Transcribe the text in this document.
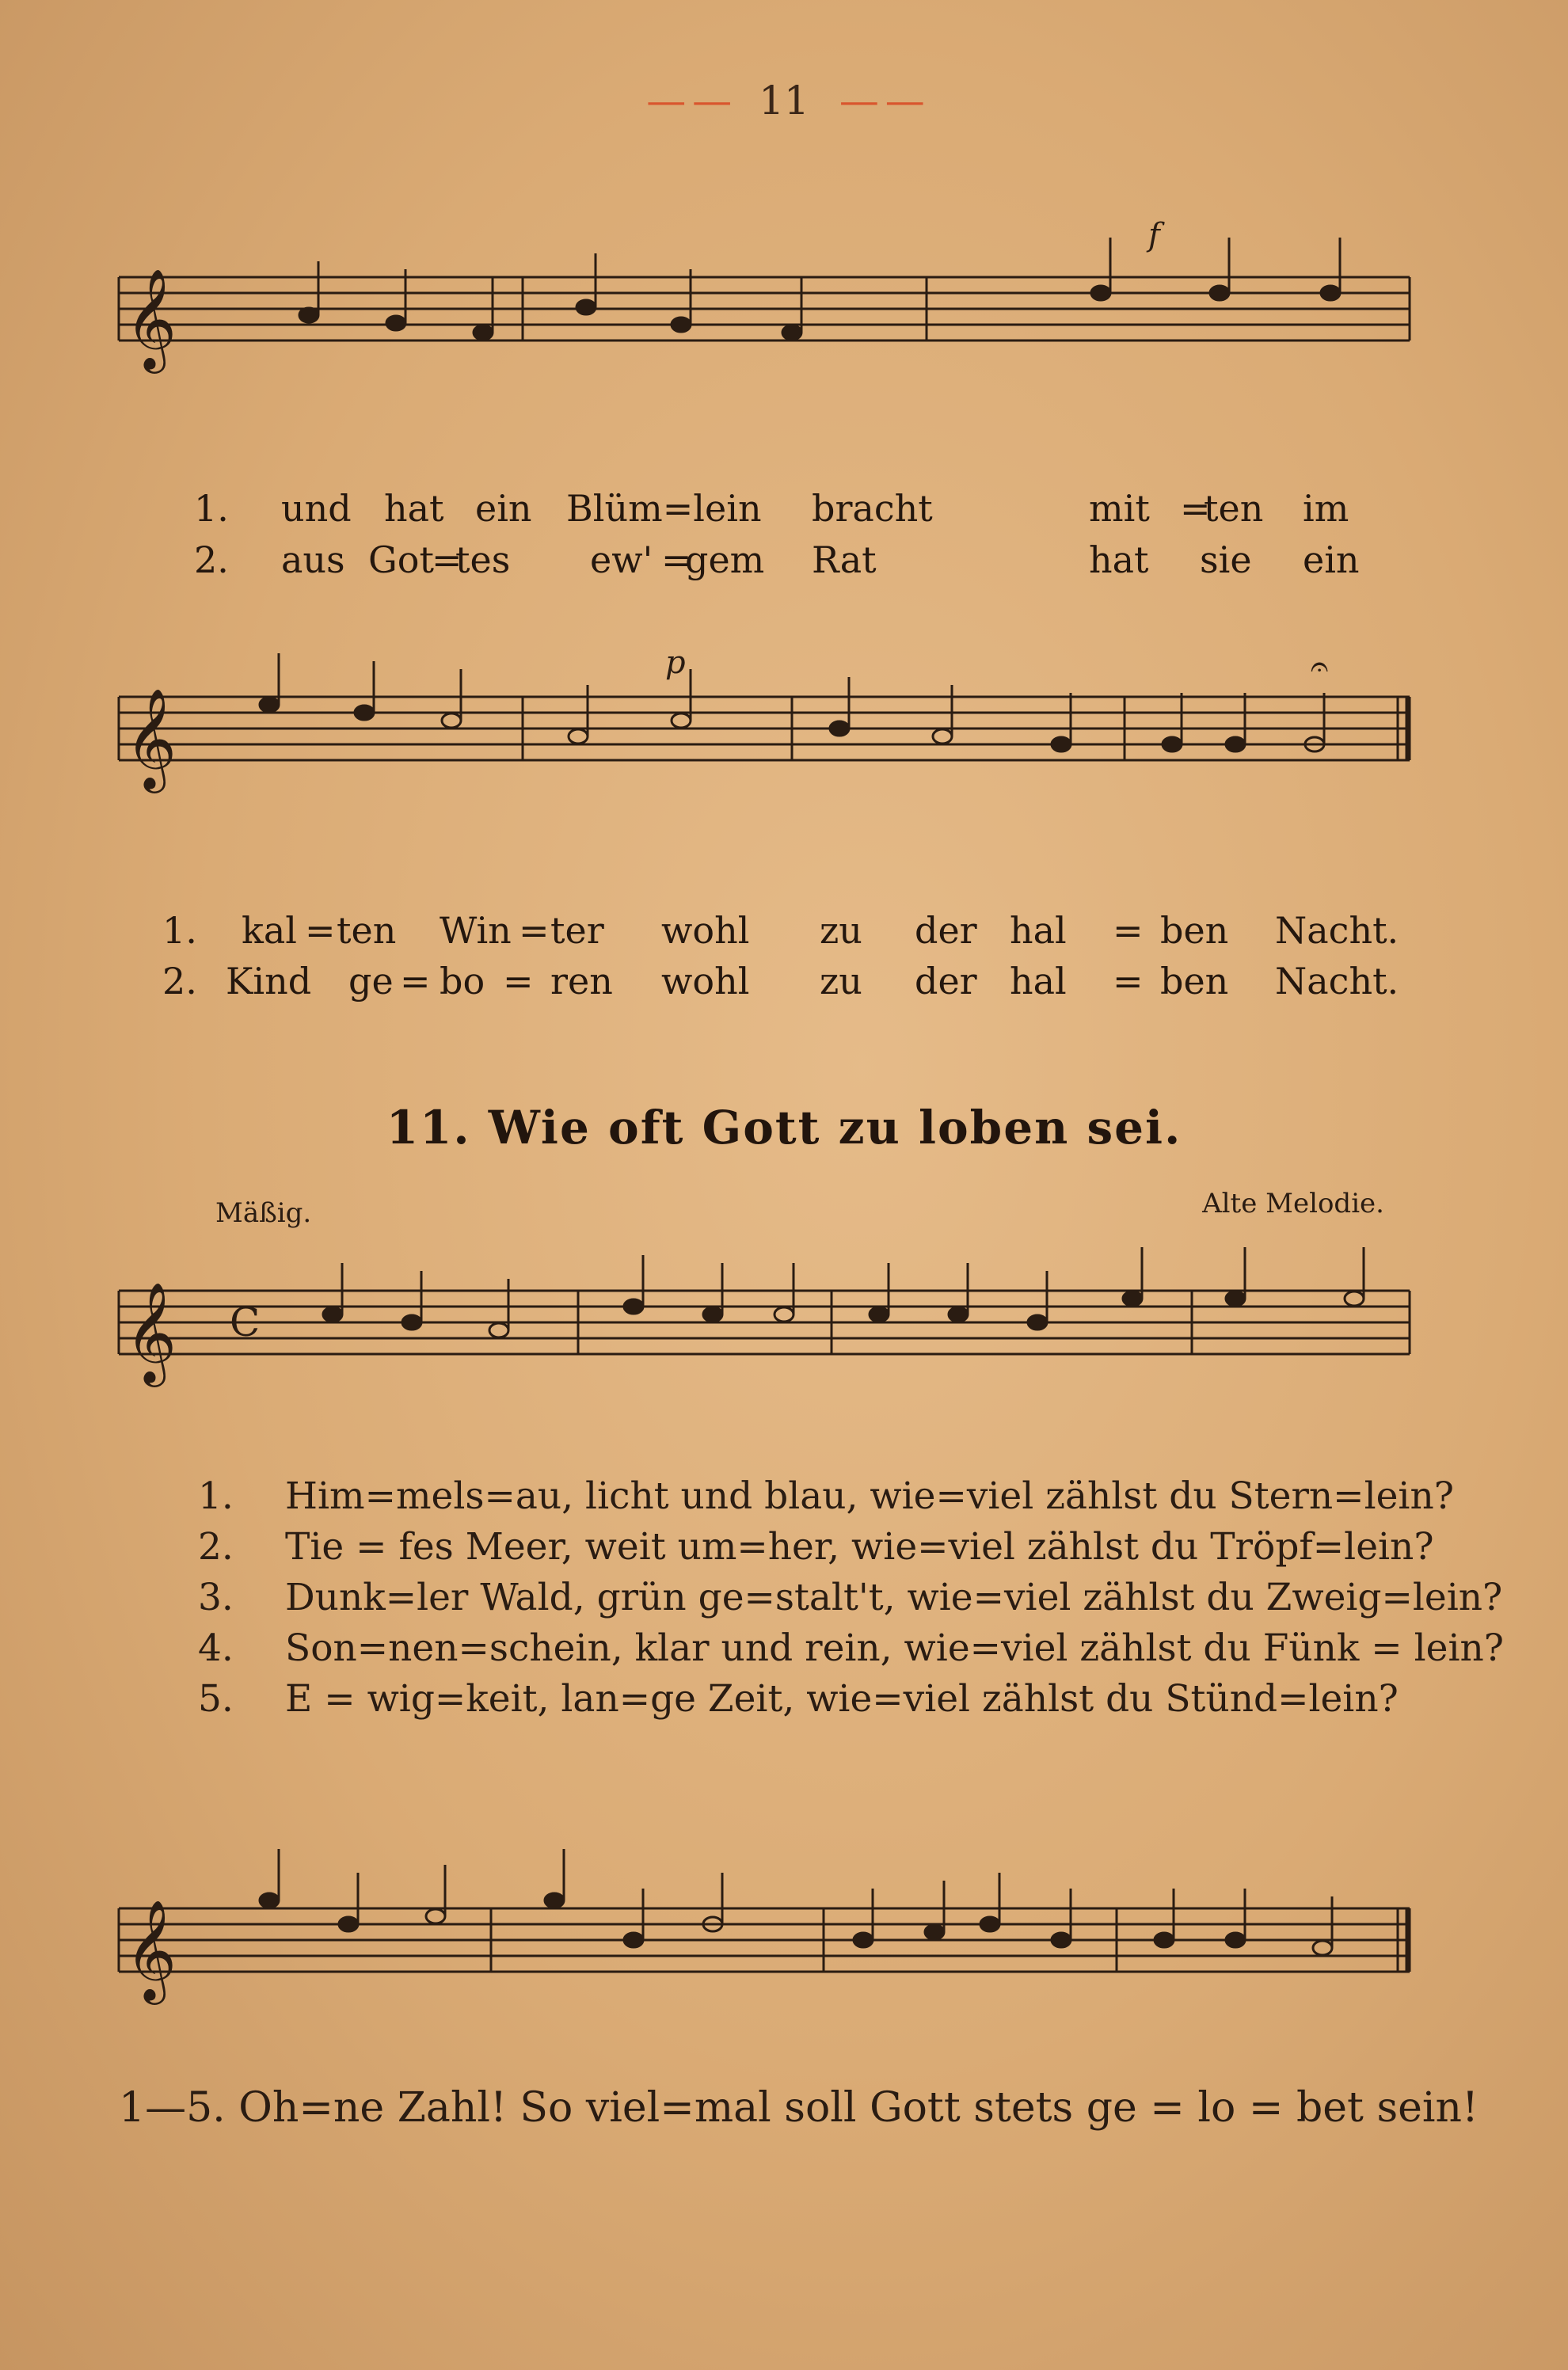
— — 11 — —
𝄞
f
1. und hat ein Blüm=lein bracht	mit =
ten im
2. aus Got
=
tes ew' =
gem Rat	hat sie ein
𝄞
p	𝄐
1. kal = ten Win = ter wohl zu der hal = ben Nacht.
2. Kind ge = bo = ren wohl zu der hal = ben Nacht.
11. Wie oft Gott zu loben sei.
Mäßig.	Alte Melodie.
𝄞 C
1. Him=mels=au, licht und blau, wie=viel zählst du Stern=lein?
2. Tie = fes Meer, weit um=her, wie=viel zählst du Tröpf=lein?
3. Dunk=ler Wald, grün ge=stalt't, wie=viel zählst du Zweig=lein?
4. Son=nen=schein, klar und rein, wie=viel zählst du Fünk = lein?
5. E = wig=keit, lan=ge Zeit, wie=viel zählst du Stünd=lein?
𝄞
1—5. Oh=ne Zahl! So viel=mal soll Gott stets ge = lo = bet sein!
